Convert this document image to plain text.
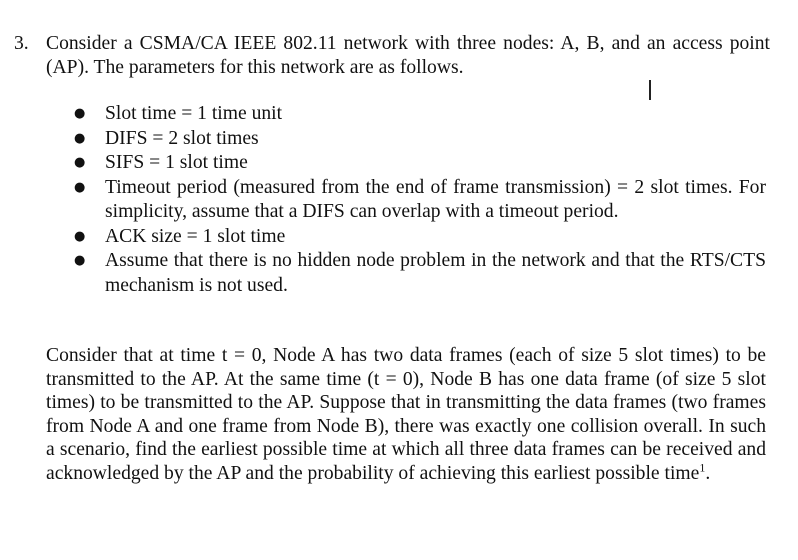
3. Consider a CSMA/CA IEEE 802.11 network with three nodes: A, B, and an access point (AP). The parameters for this network are as follows.
●	Slot time = 1 time unit
●	DIFS = 2 slot times
●	SIFS = 1 slot time
●	Timeout period (measured from the end of frame transmission) = 2 slot times. For simplicity, assume that a DIFS can overlap with a timeout period.
●	ACK size = 1 slot time
●	Assume that there is no hidden node problem in the network and that the RTS/CTS mechanism is not used.
Consider that at time t = 0, Node A has two data frames (each of size 5 slot times) to be transmitted to the AP. At the same time (t = 0), Node B has one data frame (of size 5 slot times) to be transmitted to the AP. Suppose that in transmitting the data frames (two frames from Node A and one frame from Node B), there was exactly one collision overall. In such a scenario, find the earliest possible time at which all three data frames can be received and acknowledged by the AP and the probability of achieving this earliest possible time$^1$.
